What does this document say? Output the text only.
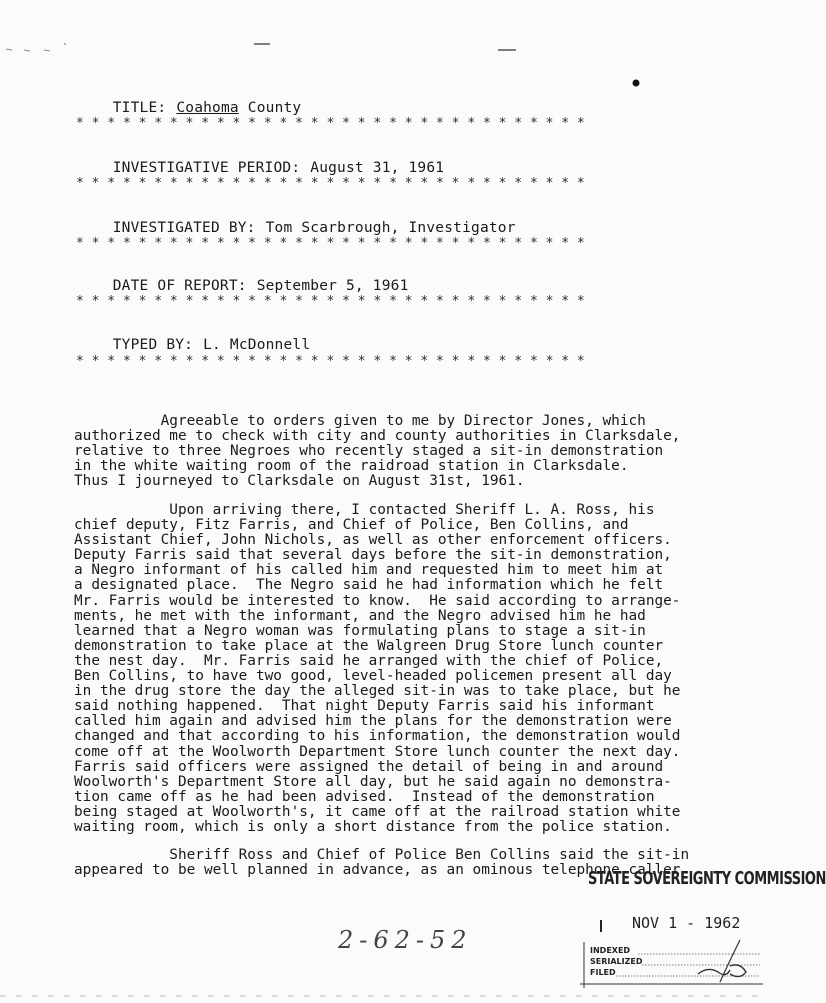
TITLE: Coahoma County

* * * * * * * * * * * * * * * * * * * * * * * * * * * * * * * * *

INVESTIGATIVE PERIOD: August 31, 1961

* * * * * * * * * * * * * * * * * * * * * * * * * * * * * * * * *

INVESTIGATED BY: Tom Scarbrough, Investigator

* * * * * * * * * * * * * * * * * * * * * * * * * * * * * * * * *

DATE OF REPORT: September 5, 1961

* * * * * * * * * * * * * * * * * * * * * * * * * * * * * * * * *

TYPED BY: L. McDonnell

* * * * * * * * * * * * * * * * * * * * * * * * * * * * * * * * *
Agreeable to orders given to me by Director Jones, which
authorized me to check with city and county authorities in Clarksdale,
relative to three Negroes who recently staged a sit-in demonstration
in the white waiting room of the raidroad station in Clarksdale.
Thus I journeyed to Clarksdale on August 31st, 1961.
Upon arriving there, I contacted Sheriff L. A. Ross, his
chief deputy, Fitz Farris, and Chief of Police, Ben Collins, and
Assistant Chief, John Nichols, as well as other enforcement officers.
Deputy Farris said that several days before the sit-in demonstration,
a Negro informant of his called him and requested him to meet him at
a designated place.  The Negro said he had information which he felt
Mr. Farris would be interested to know.  He said according to arrange-
ments, he met with the informant, and the Negro advised him he had
learned that a Negro woman was formulating plans to stage a sit-in
demonstration to take place at the Walgreen Drug Store lunch counter
the nest day.  Mr. Farris said he arranged with the chief of Police,
Ben Collins, to have two good, level-headed policemen present all day
in the drug store the day the alleged sit-in was to take place, but he
said nothing happened.  That night Deputy Farris said his informant
called him again and advised him the plans for the demonstration were
changed and that according to his information, the demonstration would
come off at the Woolworth Department Store lunch counter the next day.
Farris said officers were assigned the detail of being in and around
Woolworth's Department Store all day, but he said again no demonstra-
tion came off as he had been advised.  Instead of the demonstration
being staged at Woolworth's, it came off at the railroad station white
waiting room, which is only a short distance from the police station.
Sheriff Ross and Chief of Police Ben Collins said the sit-in
appeared to be well planned in advance, as an ominous telephone caller
STATE SOVEREIGNTY COMMISSION
NOV 1 - 1962
2-62-52	INDEXED
SERIALIZED
FILED
